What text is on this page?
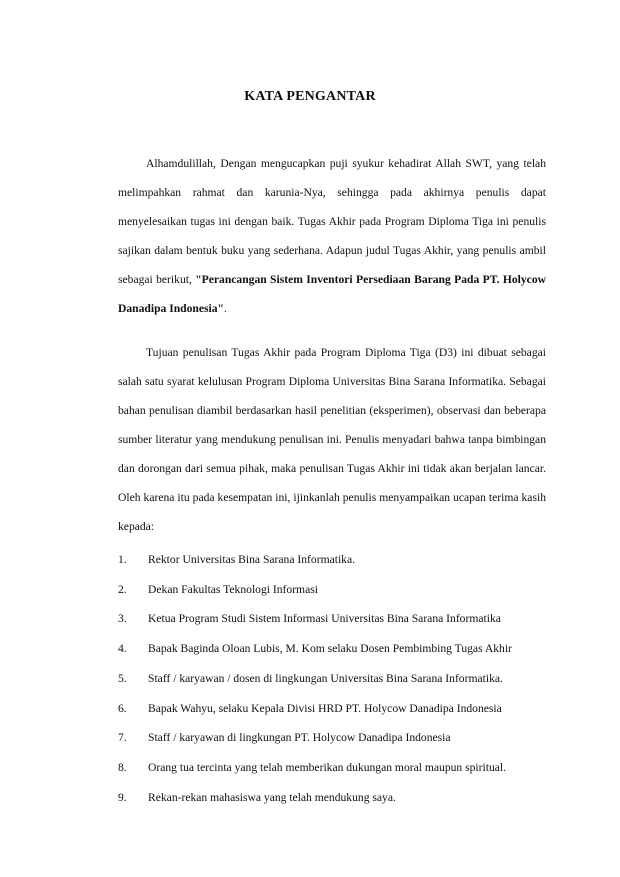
KATA PENGANTAR

Alhamdulillah, Dengan mengucapkan puji syukur kehadirat Allah SWT, yang telah melimpahkan rahmat dan karunia-Nya, sehingga pada akhirnya penulis dapat menyelesaikan tugas ini dengan baik. Tugas Akhir pada Program Diploma Tiga ini penulis sajikan dalam bentuk buku yang sederhana. Adapun judul Tugas Akhir, yang penulis ambil sebagai berikut, "Perancangan Sistem Inventori Persediaan Barang Pada PT. Holycow Danadipa Indonesia".

Tujuan penulisan Tugas Akhir pada Program Diploma Tiga (D3) ini dibuat sebagai salah satu syarat kelulusan Program Diploma Universitas Bina Sarana Informatika. Sebagai bahan penulisan diambil berdasarkan hasil penelitian (eksperimen), observasi dan beberapa sumber literatur yang mendukung penulisan ini. Penulis menyadari bahwa tanpa bimbingan dan dorongan dari semua pihak, maka penulisan Tugas Akhir ini tidak akan berjalan lancar. Oleh karena itu pada kesempatan ini, ijinkanlah penulis menyampaikan ucapan terima kasih kepada:

1. Rektor Universitas Bina Sarana Informatika.
2. Dekan Fakultas Teknologi Informasi
3. Ketua Program Studi Sistem Informasi Universitas Bina Sarana Informatika
4. Bapak Baginda Oloan Lubis, M. Kom selaku Dosen Pembimbing Tugas Akhir
5. Staff / karyawan / dosen di lingkungan Universitas Bina Sarana Informatika.
6. Bapak Wahyu, selaku Kepala Divisi HRD PT. Holycow Danadipa Indonesia
7. Staff / karyawan di lingkungan PT. Holycow Danadipa Indonesia
8. Orang tua tercinta yang telah memberikan dukungan moral maupun spiritual.
9. Rekan-rekan mahasiswa yang telah mendukung saya.
